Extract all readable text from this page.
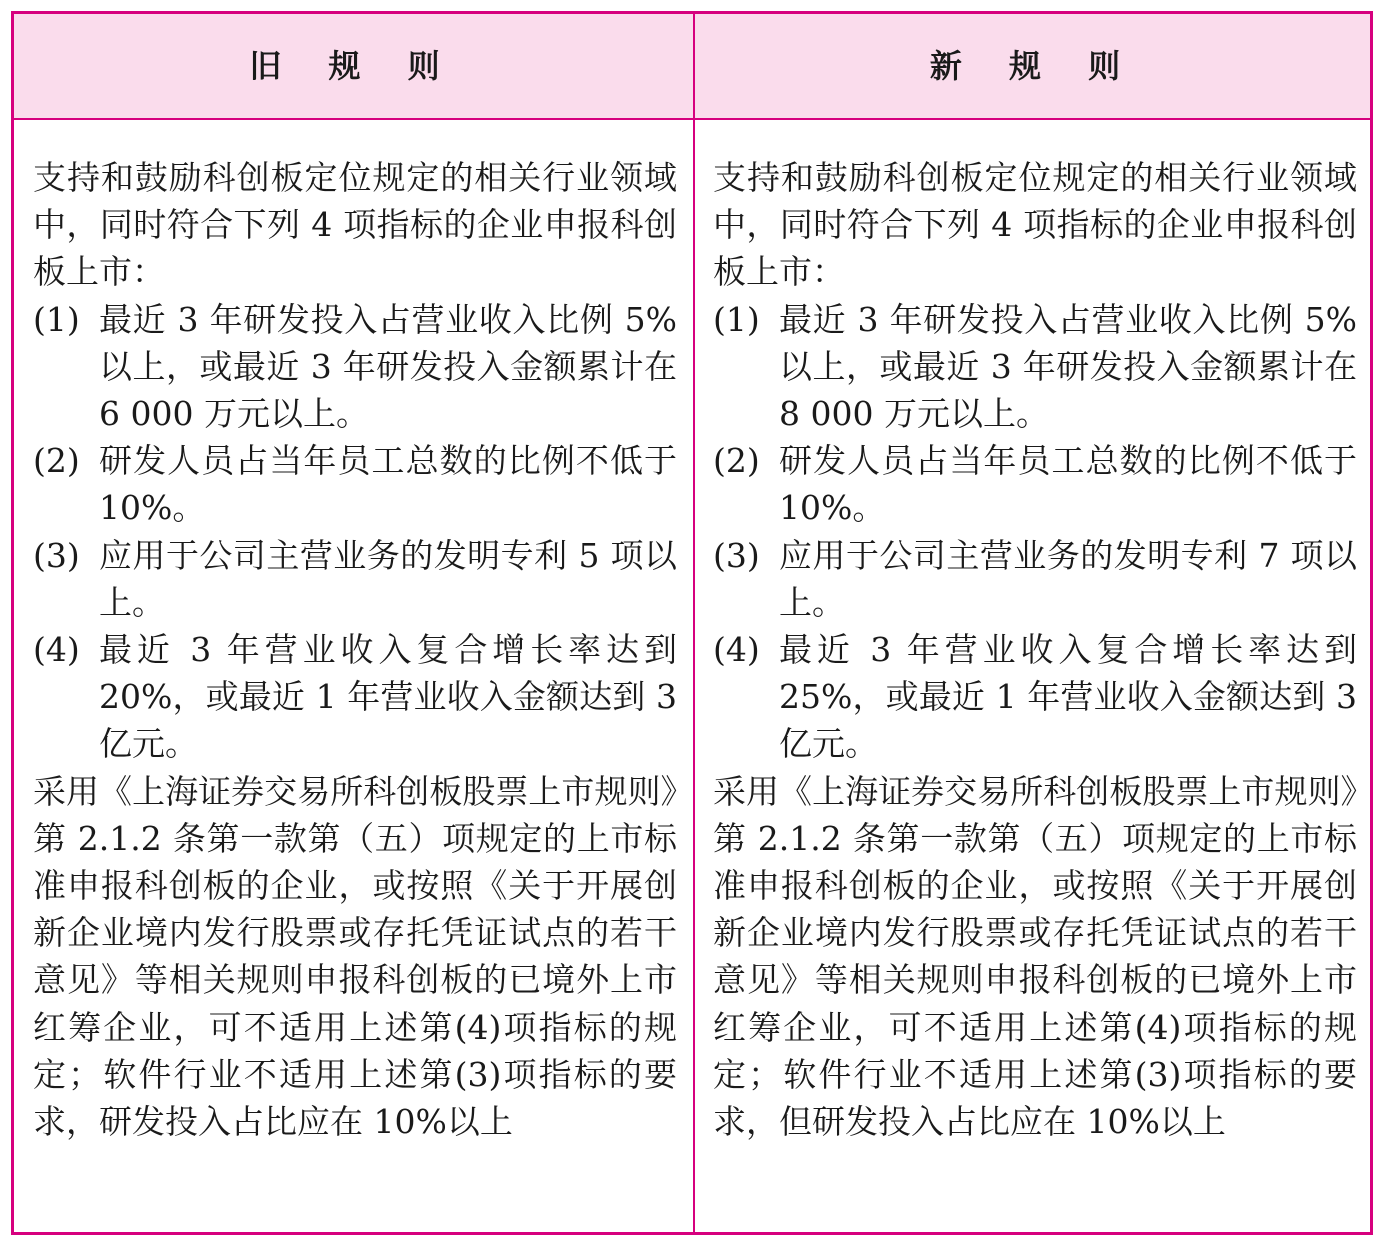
旧 规 则	新 规 则

支持和鼓励科创板定位规定的相关行业领域中，同时符合下列 4 项指标的企业申报科创板上市：

(1) 最近 3 年研发投入占营业收入比例 5%以上，或最近 3 年研发投入金额累计在 6 000 万元以上。
(2) 研发人员占当年员工总数的比例不低于 10%。
(3) 应用于公司主营业务的发明专利 5 项以上。
(4) 最近 3 年营业收入复合增长率达到 20%，或最近 1 年营业收入金额达到 3 亿元。

采用《上海证券交易所科创板股票上市规则》第 2.1.2 条第一款第（五）项规定的上市标准申报科创板的企业，或按照《关于开展创新企业境内发行股票或存托凭证试点的若干意见》等相关规则申报科创板的已境外上市红筹企业，可不适用上述第(4)项指标的规定；软件行业不适用上述第(3)项指标的要求，研发投入占比应在 10%以上

支持和鼓励科创板定位规定的相关行业领域中，同时符合下列 4 项指标的企业申报科创板上市：

(1) 最近 3 年研发投入占营业收入比例 5%以上，或最近 3 年研发投入金额累计在 8 000 万元以上。
(2) 研发人员占当年员工总数的比例不低于 10%。
(3) 应用于公司主营业务的发明专利 7 项以上。
(4) 最近 3 年营业收入复合增长率达到 25%，或最近 1 年营业收入金额达到 3 亿元。

采用《上海证券交易所科创板股票上市规则》第 2.1.2 条第一款第（五）项规定的上市标准申报科创板的企业，或按照《关于开展创新企业境内发行股票或存托凭证试点的若干意见》等相关规则申报科创板的已境外上市红筹企业，可不适用上述第(4)项指标的规定；软件行业不适用上述第(3)项指标的要求，但研发投入占比应在 10%以上
